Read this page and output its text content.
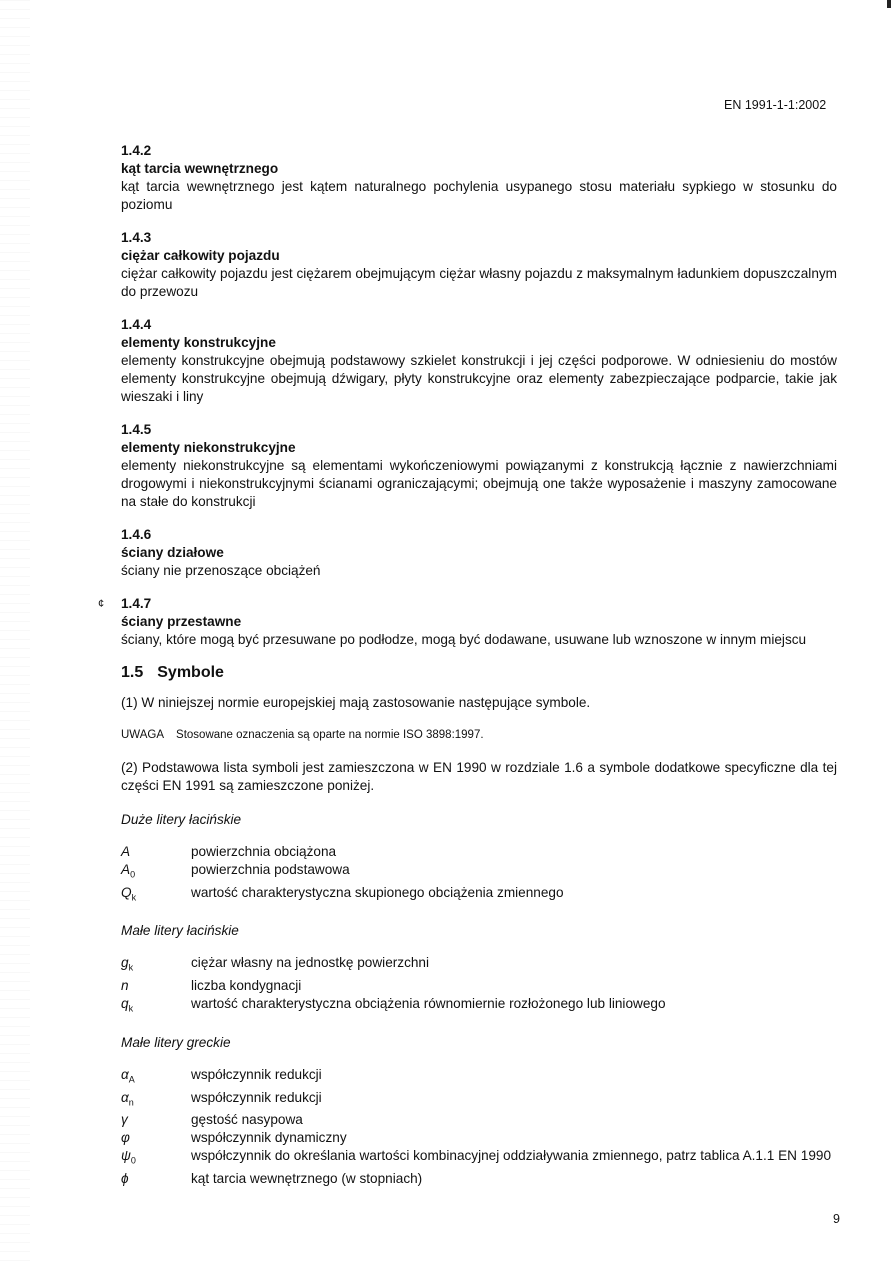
EN 1991-1-1:2002
¢
1.4.2
kąt tarcia wewnętrznego
kąt tarcia wewnętrznego jest kątem naturalnego pochylenia usypanego stosu materiału sypkiego w stosunku do poziomu
1.4.3
ciężar całkowity pojazdu
ciężar całkowity pojazdu jest ciężarem obejmującym ciężar własny pojazdu z maksymalnym ładunkiem dopuszczalnym do przewozu
1.4.4
elementy konstrukcyjne
elementy konstrukcyjne obejmują podstawowy szkielet konstrukcji i jej części podporowe. W odniesieniu do mostów elementy konstrukcyjne obejmują dźwigary, płyty konstrukcyjne oraz elementy zabezpieczające podparcie, takie jak wieszaki i liny
1.4.5
elementy niekonstrukcyjne
elementy niekonstrukcyjne są elementami wykończeniowymi powiązanymi z konstrukcją łącznie z nawierzchniami drogowymi i niekonstrukcyjnymi ścianami ograniczającymi; obejmują one także wyposażenie i maszyny zamocowane na stałe do konstrukcji
1.4.6
ściany działowe
ściany nie przenoszące obciążeń
1.4.7
ściany przestawne
ściany, które mogą być przesuwane po podłodze, mogą być dodawane, usuwane lub wznoszone w innym miejscu
1.5 Symbole

(1) W niniejszej normie europejskiej mają zastosowanie następujące symbole.

UWAGA Stosowane oznaczenia są oparte na normie ISO 3898:1997.

(2) Podstawowa lista symboli jest zamieszczona w EN 1990 w rozdziale 1.6 a symbole dodatkowe specyficzne dla tej części EN 1991 są zamieszczone poniżej.

Duże litery łacińskie
A	powierzchnia obciążona
$A_0$	powierzchnia podstawowa
$Q_k$	wartość charakterystyczna skupionego obciążenia zmiennego
Małe litery łacińskie
$g_k$	ciężar własny na jednostkę powierzchni
n	liczba kondygnacji
$q_k$	wartość charakterystyczna obciążenia równomiernie rozłożonego lub liniowego
Małe litery greckie
$\alpha_A$	współczynnik redukcji
$\alpha_n$	współczynnik redukcji
γ	gęstość nasypowa
φ	współczynnik dynamiczny
$\psi_0$	współczynnik do określania wartości kombinacyjnej oddziaływania zmiennego, patrz tablica A.1.1 EN 1990
ϕ	kąt tarcia wewnętrznego (w stopniach)
9
